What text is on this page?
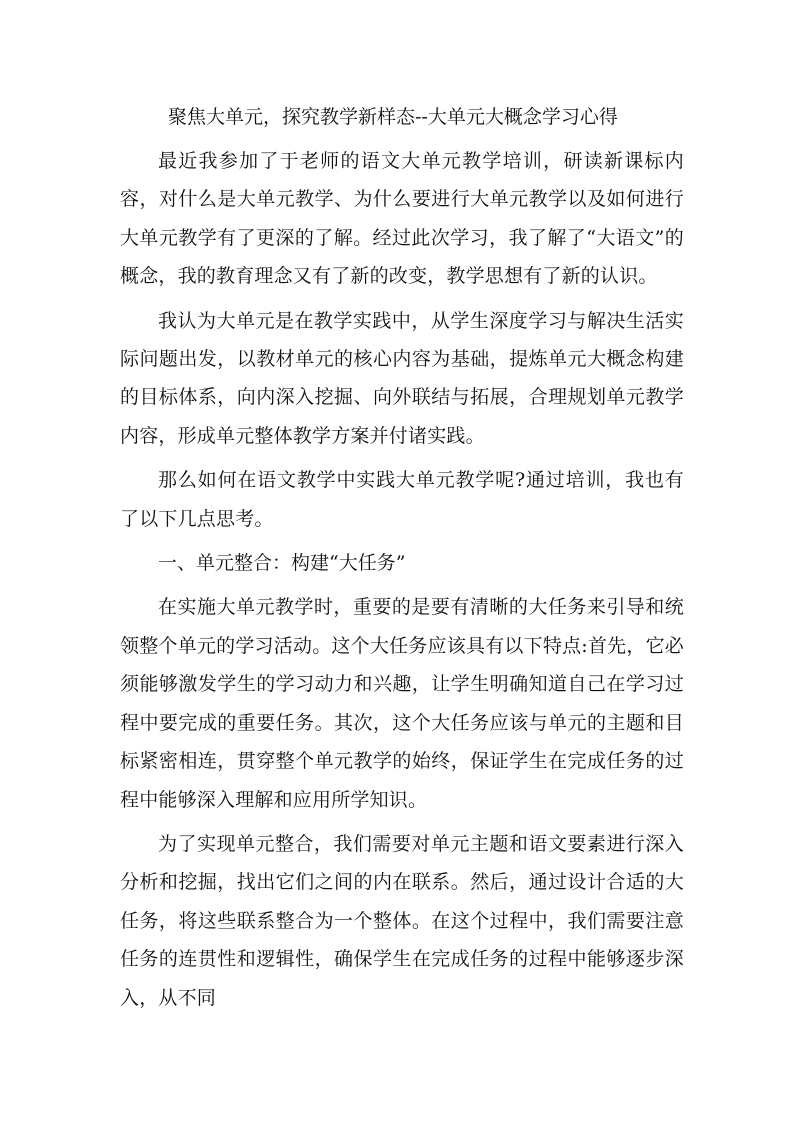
聚焦大单元，探究教学新样态--大单元大概念学习心得

最近我参加了于老师的语文大单元教学培训，研读新课标内容，对什么是大单元教学、为什么要进行大单元教学以及如何进行大单元教学有了更深的了解。经过此次学习，我了解了“大语文”的概念，我的教育理念又有了新的改变，教学思想有了新的认识。

我认为大单元是在教学实践中，从学生深度学习与解决生活实际问题出发，以教材单元的核心内容为基础，提炼单元大概念构建的目标体系，向内深入挖掘、向外联结与拓展，合理规划单元教学内容，形成单元整体教学方案并付诸实践。

那么如何在语文教学中实践大单元教学呢?通过培训，我也有了以下几点思考。

一、单元整合：构建“大任务”

在实施大单元教学时，重要的是要有清晰的大任务来引导和统领整个单元的学习活动。这个大任务应该具有以下特点:首先，它必须能够激发学生的学习动力和兴趣，让学生明确知道自己在学习过程中要完成的重要任务。其次，这个大任务应该与单元的主题和目标紧密相连，贯穿整个单元教学的始终，保证学生在完成任务的过程中能够深入理解和应用所学知识。

为了实现单元整合，我们需要对单元主题和语文要素进行深入分析和挖掘，找出它们之间的内在联系。然后，通过设计合适的大任务，将这些联系整合为一个整体。在这个过程中，我们需要注意任务的连贯性和逻辑性，确保学生在完成任务的过程中能够逐步深入，从不同
